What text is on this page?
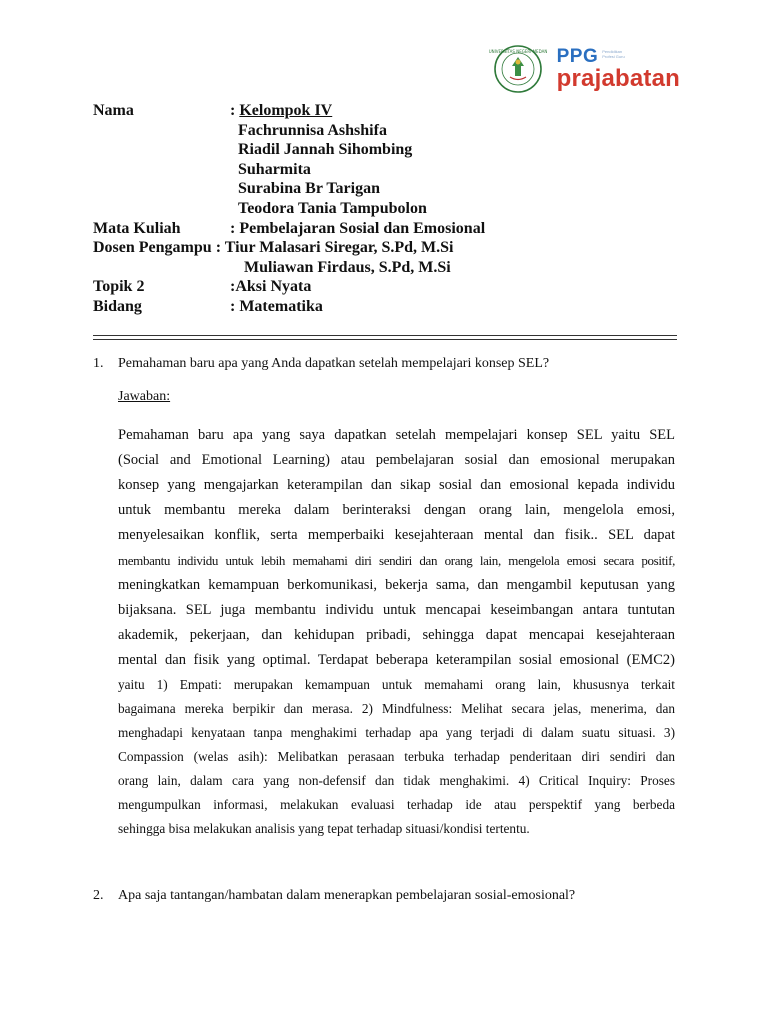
UNIVERSITAS NEGERI MEDAN PPG Pendidikan Profesi Guru
prajabatan
Nama	: Kelompok IV
Fachrunnisa Ashshifa
Riadil Jannah Sihombing
Suharmita
Surabina Br Tarigan
Teodora Tania Tampubolon
Mata Kuliah	: Pembelajaran Sosial dan Emosional
Dosen Pengampu : Tiur Malasari Siregar, S.Pd, M.Si
Muliawan Firdaus, S.Pd, M.Si
Topik 2	:Aksi Nyata
Bidang	: Matematika
1. Pemahaman baru apa yang Anda dapatkan setelah mempelajari konsep SEL?
Jawaban:
Pemahaman baru apa yang saya dapatkan setelah mempelajari konsep SEL yaitu SEL
(Social and Emotional Learning) atau pembelajaran sosial dan emosional merupakan
konsep yang mengajarkan keterampilan dan sikap sosial dan emosional kepada individu
untuk membantu mereka dalam berinteraksi dengan orang lain, mengelola emosi,
menyelesaikan konflik, serta memperbaiki kesejahteraan mental dan fisik.. SEL dapat
membantu individu untuk lebih memahami diri sendiri dan orang lain, mengelola emosi secara positif,
meningkatkan kemampuan berkomunikasi, bekerja sama, dan mengambil keputusan yang
bijaksana. SEL juga membantu individu untuk mencapai keseimbangan antara tuntutan
akademik, pekerjaan, dan kehidupan pribadi, sehingga dapat mencapai kesejahteraan
mental dan fisik yang optimal. Terdapat beberapa keterampilan sosial emosional (EMC2)
yaitu 1) Empati: merupakan kemampuan untuk memahami orang lain, khususnya terkait
bagaimana mereka berpikir dan merasa. 2) Mindfulness: Melihat secara jelas, menerima, dan
menghadapi kenyataan tanpa menghakimi terhadap apa yang terjadi di dalam suatu situasi. 3)
Compassion (welas asih): Melibatkan perasaan terbuka terhadap penderitaan diri sendiri dan
orang lain, dalam cara yang non-defensif dan tidak menghakimi. 4) Critical Inquiry: Proses
mengumpulkan informasi, melakukan evaluasi terhadap ide atau perspektif yang berbeda
sehingga bisa melakukan analisis yang tepat terhadap situasi/kondisi tertentu.
2. Apa saja tantangan/hambatan dalam menerapkan pembelajaran sosial-emosional?
